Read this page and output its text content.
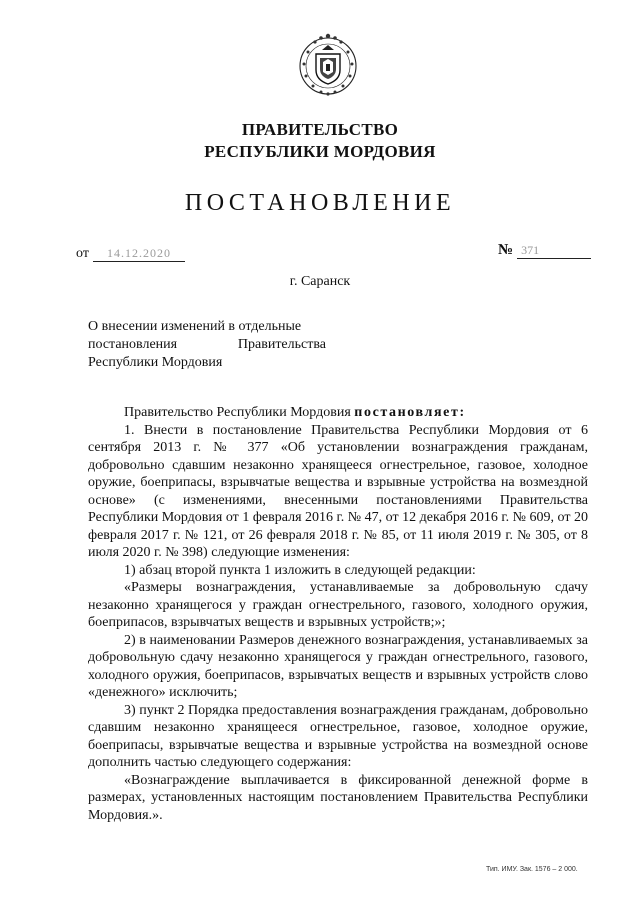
ПРАВИТЕЛЬСТВО
РЕСПУБЛИКИ МОРДОВИЯ
ПОСТАНОВЛЕНИЕ
от 14.12.2020	№ 371
г. Саранск
О внесении изменений в отдельные
постановления	Правительства
Республики Мордовия

Правительство Республики Мордовия постановляет:

1. Внести в постановление Правительства Республики Мордовия от 6 сентября 2013 г. № 377 «Об установлении вознаграждения гражданам, добровольно сдавшим незаконно хранящееся огнестрельное, газовое, холодное оружие, боеприпасы, взрывчатые вещества и взрывные устройства на возмездной основе» (с изменениями, внесенными постановлениями Правительства Республики Мордовия от 1 февраля 2016 г. № 47, от 12 декабря 2016 г. № 609, от 20 февраля 2017 г. № 121, от 26 февраля 2018 г. № 85, от 11 июля 2019 г. № 305, от 8 июля 2020 г. № 398) следующие изменения:

1) абзац второй пункта 1 изложить в следующей редакции:

«Размеры вознаграждения, устанавливаемые за добровольную сдачу незаконно хранящегося у граждан огнестрельного, газового, холодного оружия, боеприпасов, взрывчатых веществ и взрывных устройств;»;

2) в наименовании Размеров денежного вознаграждения, устанавливаемых за добровольную сдачу незаконно хранящегося у граждан огнестрельного, газового, холодного оружия, боеприпасов, взрывчатых веществ и взрывных устройств слово «денежного» исключить;

3) пункт 2 Порядка предоставления вознаграждения гражданам, добровольно сдавшим незаконно хранящееся огнестрельное, газовое, холодное оружие, боеприпасы, взрывчатые вещества и взрывные устройства на возмездной основе дополнить частью следующего содержания:

«Вознаграждение выплачивается в фиксированной денежной форме в размерах, установленных настоящим постановлением Правительства Республики Мордовия.».

Тип. ИМУ. Зак. 1576 – 2 000.
